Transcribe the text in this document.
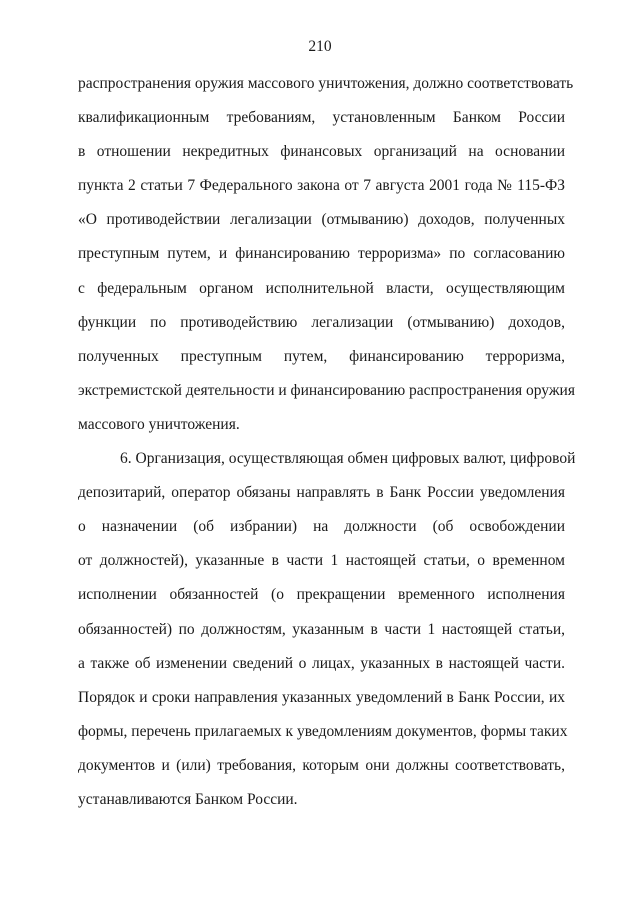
210
распространения оружия массового уничтожения, должно соответствовать
квалификационным требованиям, установленным Банком России
в отношении некредитных финансовых организаций на основании
пункта 2 статьи 7 Федерального закона от 7 августа 2001 года № 115-ФЗ
«О противодействии легализации (отмыванию) доходов, полученных
преступным путем, и финансированию терроризма» по согласованию
с федеральным органом исполнительной власти, осуществляющим
функции по противодействию легализации (отмыванию) доходов,
полученных преступным путем, финансированию терроризма,
экстремистской деятельности и финансированию распространения оружия
массового уничтожения.
6. Организация, осуществляющая обмен цифровых валют, цифровой
депозитарий, оператор обязаны направлять в Банк России уведомления
о назначении (об избрании) на должности (об освобождении
от должностей), указанные в части 1 настоящей статьи, о временном
исполнении обязанностей (о прекращении временного исполнения
обязанностей) по должностям, указанным в части 1 настоящей статьи,
а также об изменении сведений о лицах, указанных в настоящей части.
Порядок и сроки направления указанных уведомлений в Банк России, их
формы, перечень прилагаемых к уведомлениям документов, формы таких
документов и (или) требования, которым они должны соответствовать,
устанавливаются Банком России.
